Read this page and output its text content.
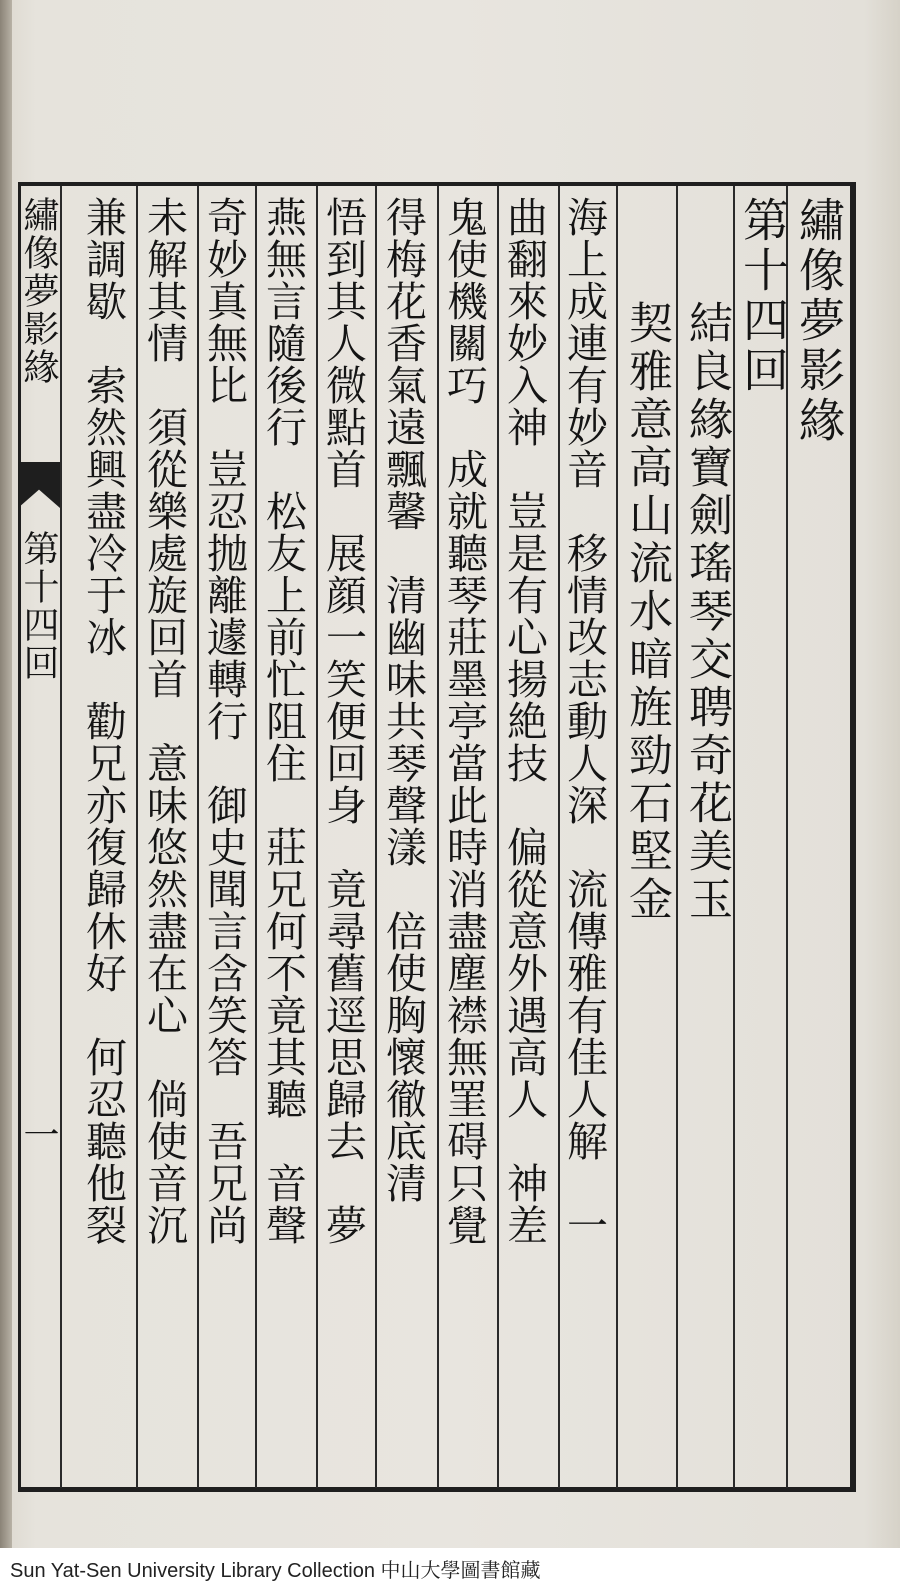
繡像夢影緣
第十四回
一
繡像夢影緣
第十四回
結良緣寶劍瑤琴交聘奇花美玉
契雅意高山流水暗旌勁石堅金
海上成連有妙音　移情改志動人深　流傳雅有佳人解　一
曲翻來妙入神　豈是有心揚絶技　偏從意外遇高人　神差
鬼使機關巧　成就聽琴莊墨亭當此時消盡塵襟無罣碍只覺
得梅花香氣遠飄馨　清幽味共琴聲漾　倍使胸懷徹底清
悟到其人微點首　展顔一笑便回身　竟尋舊逕思歸去　夢
燕無言隨後行　松友上前忙阻住　莊兄何不竟其聽　音聲
奇妙真無比　豈忍抛離遽轉行　御史聞言含笑答　吾兄尚
未解其情　須從樂處旋回首　意味悠然盡在心　倘使音沉
兼調歇　索然興盡冷于冰　勸兄亦復歸休好　何忍聽他裂
Sun Yat-Sen University Library Collection 中山大學圖書館藏
